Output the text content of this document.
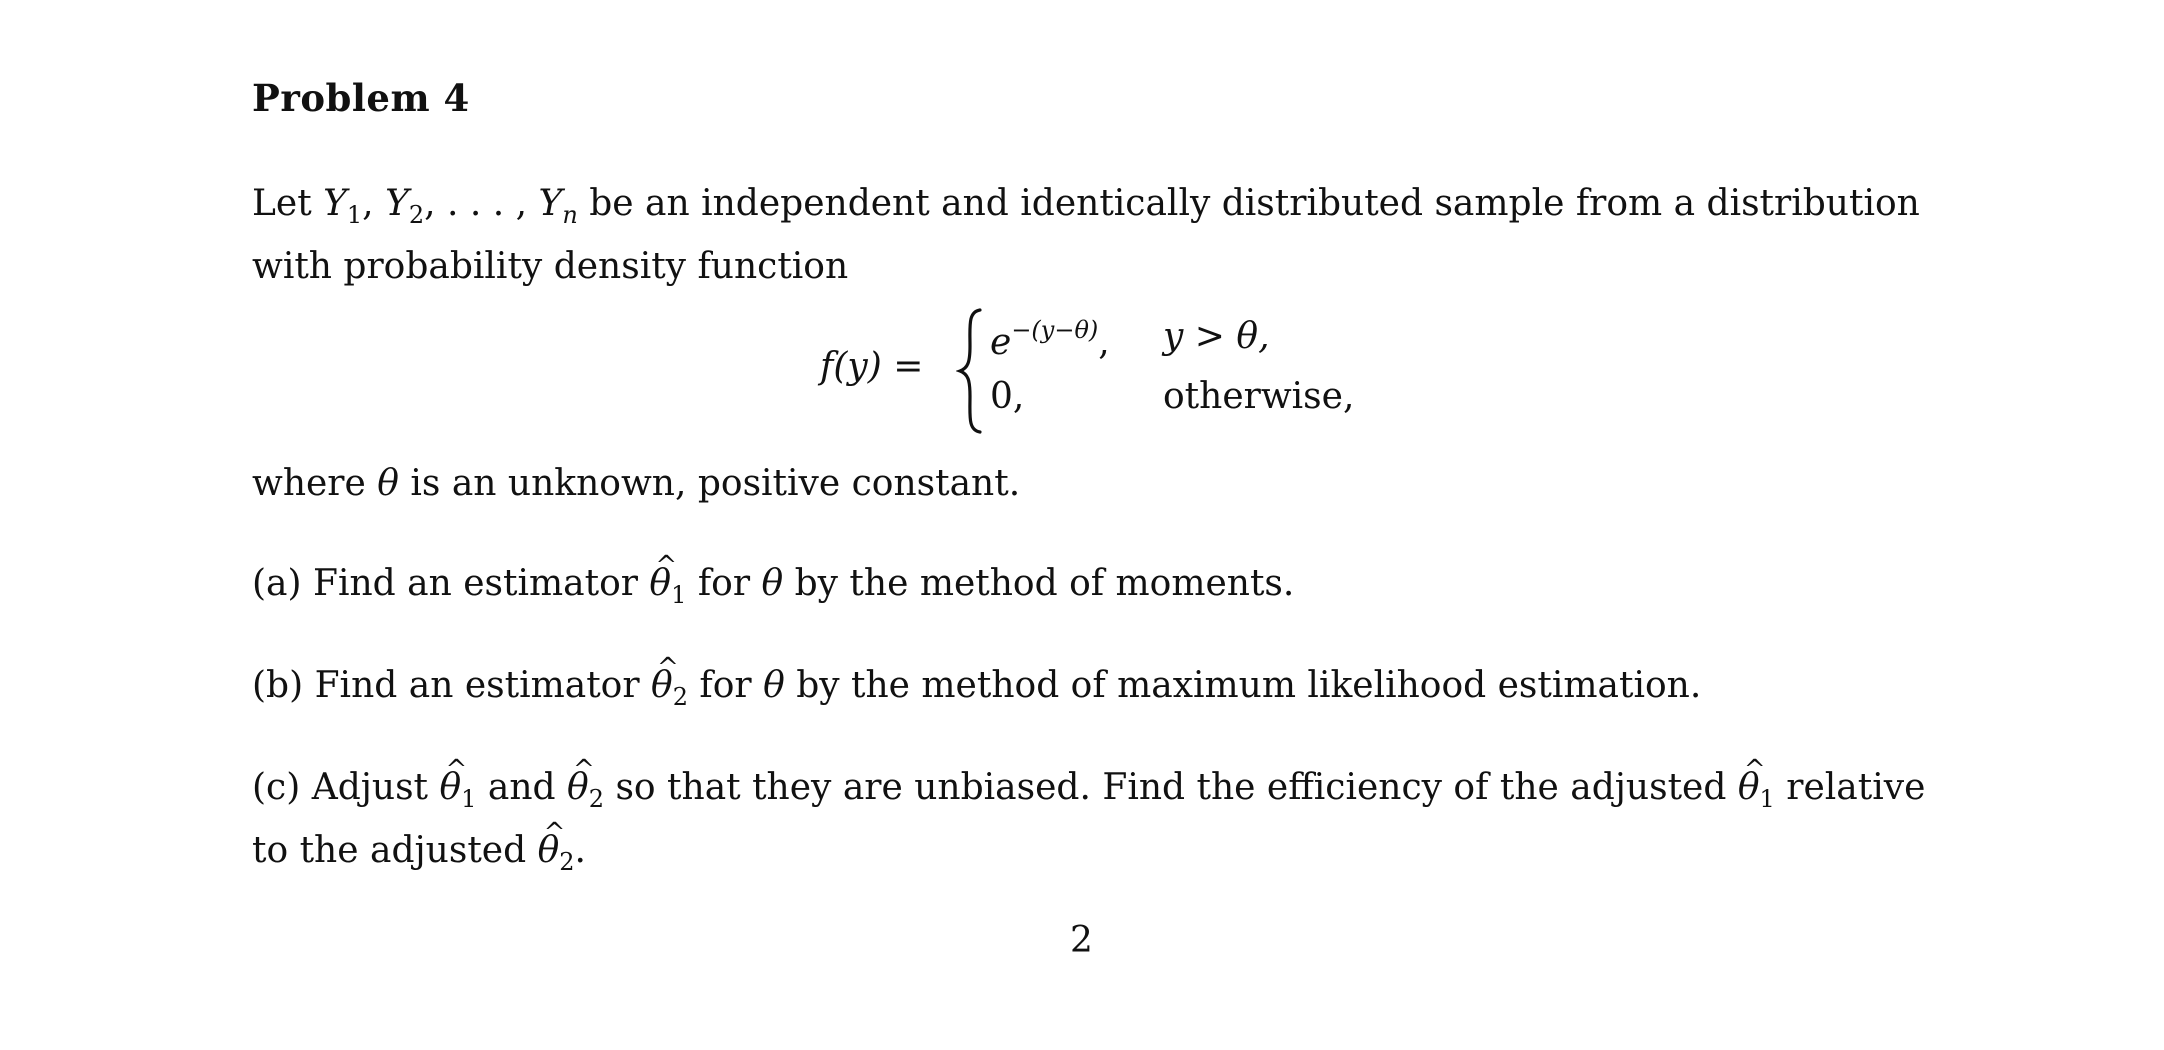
Problem 4
Let $Y_1$, $Y_2$, . . . , $Y_n$ be an independent and identically distributed sample from a distribution
with probability density function
f(y) =
$e^{-(y-\theta)}$, y > θ,
0,	otherwise,
where θ is an unknown, positive constant.
(a) Find an estimator ^ $\theta_1$ for θ by the method of moments.
(b) Find an estimator ^ $\theta_2$ for θ by the method of maximum likelihood estimation.
(c) Adjust ^ $\theta_1$ and ^ $\theta_2$ so that they are unbiased. Find the efficiency of the adjusted ^ $\theta_1$ relative
to the adjusted ^ $\theta_2$.
2
